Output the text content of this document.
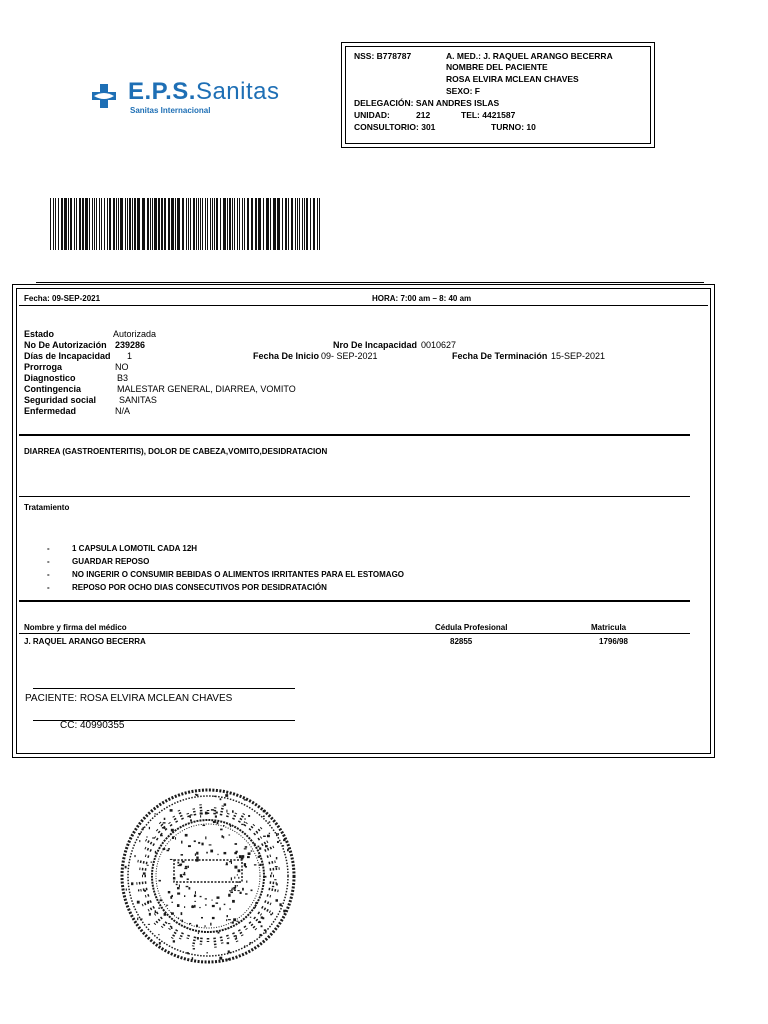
E.P.S.Sanitas
Sanitas Internacional
NSS: B778787	A. MED.: J. RAQUEL ARANGO BECERRA
NOMBRE DEL PACIENTE
ROSA ELVIRA MCLEAN CHAVES
SEXO: F
DELEGACIÓN: SAN ANDRES ISLAS
UNIDAD:	212	TEL: 4421587
CONSULTORIO: 301	TURNO: 10
Fecha: 09-SEP-2021	HORA: 7:00 am – 8: 40 am
Estado	Autorizada
No De Autorización 239286	Nro De Incapacidad 0010627
Días de Incapacidad 1	Fecha De Inicio 09- SEP-2021	Fecha De Terminación 15-SEP-2021
Prorroga	NO
Diagnostico	B3
Contingencia	MALESTAR GENERAL, DIARREA, VOMITO
Seguridad social	SANITAS
Enfermedad	N/A
DIARREA (GASTROENTERITIS), DOLOR DE CABEZA,VOMITO,DESIDRATACION
Tratamiento
-	1 CAPSULA LOMOTIL CADA 12H
-	GUARDAR REPOSO
-	NO INGERIR O CONSUMIR BEBIDAS O ALIMENTOS IRRITANTES PARA EL ESTOMAGO
-	REPOSO POR OCHO DIAS CONSECUTIVOS POR DESIDRATACIÓN
Nombre y firma del médico	Cédula Profesional	Matricula
J. RAQUEL ARANGO BECERRA	82855	1796/98
PACIENTE: ROSA ELVIRA MCLEAN CHAVES
CC: 40990355
